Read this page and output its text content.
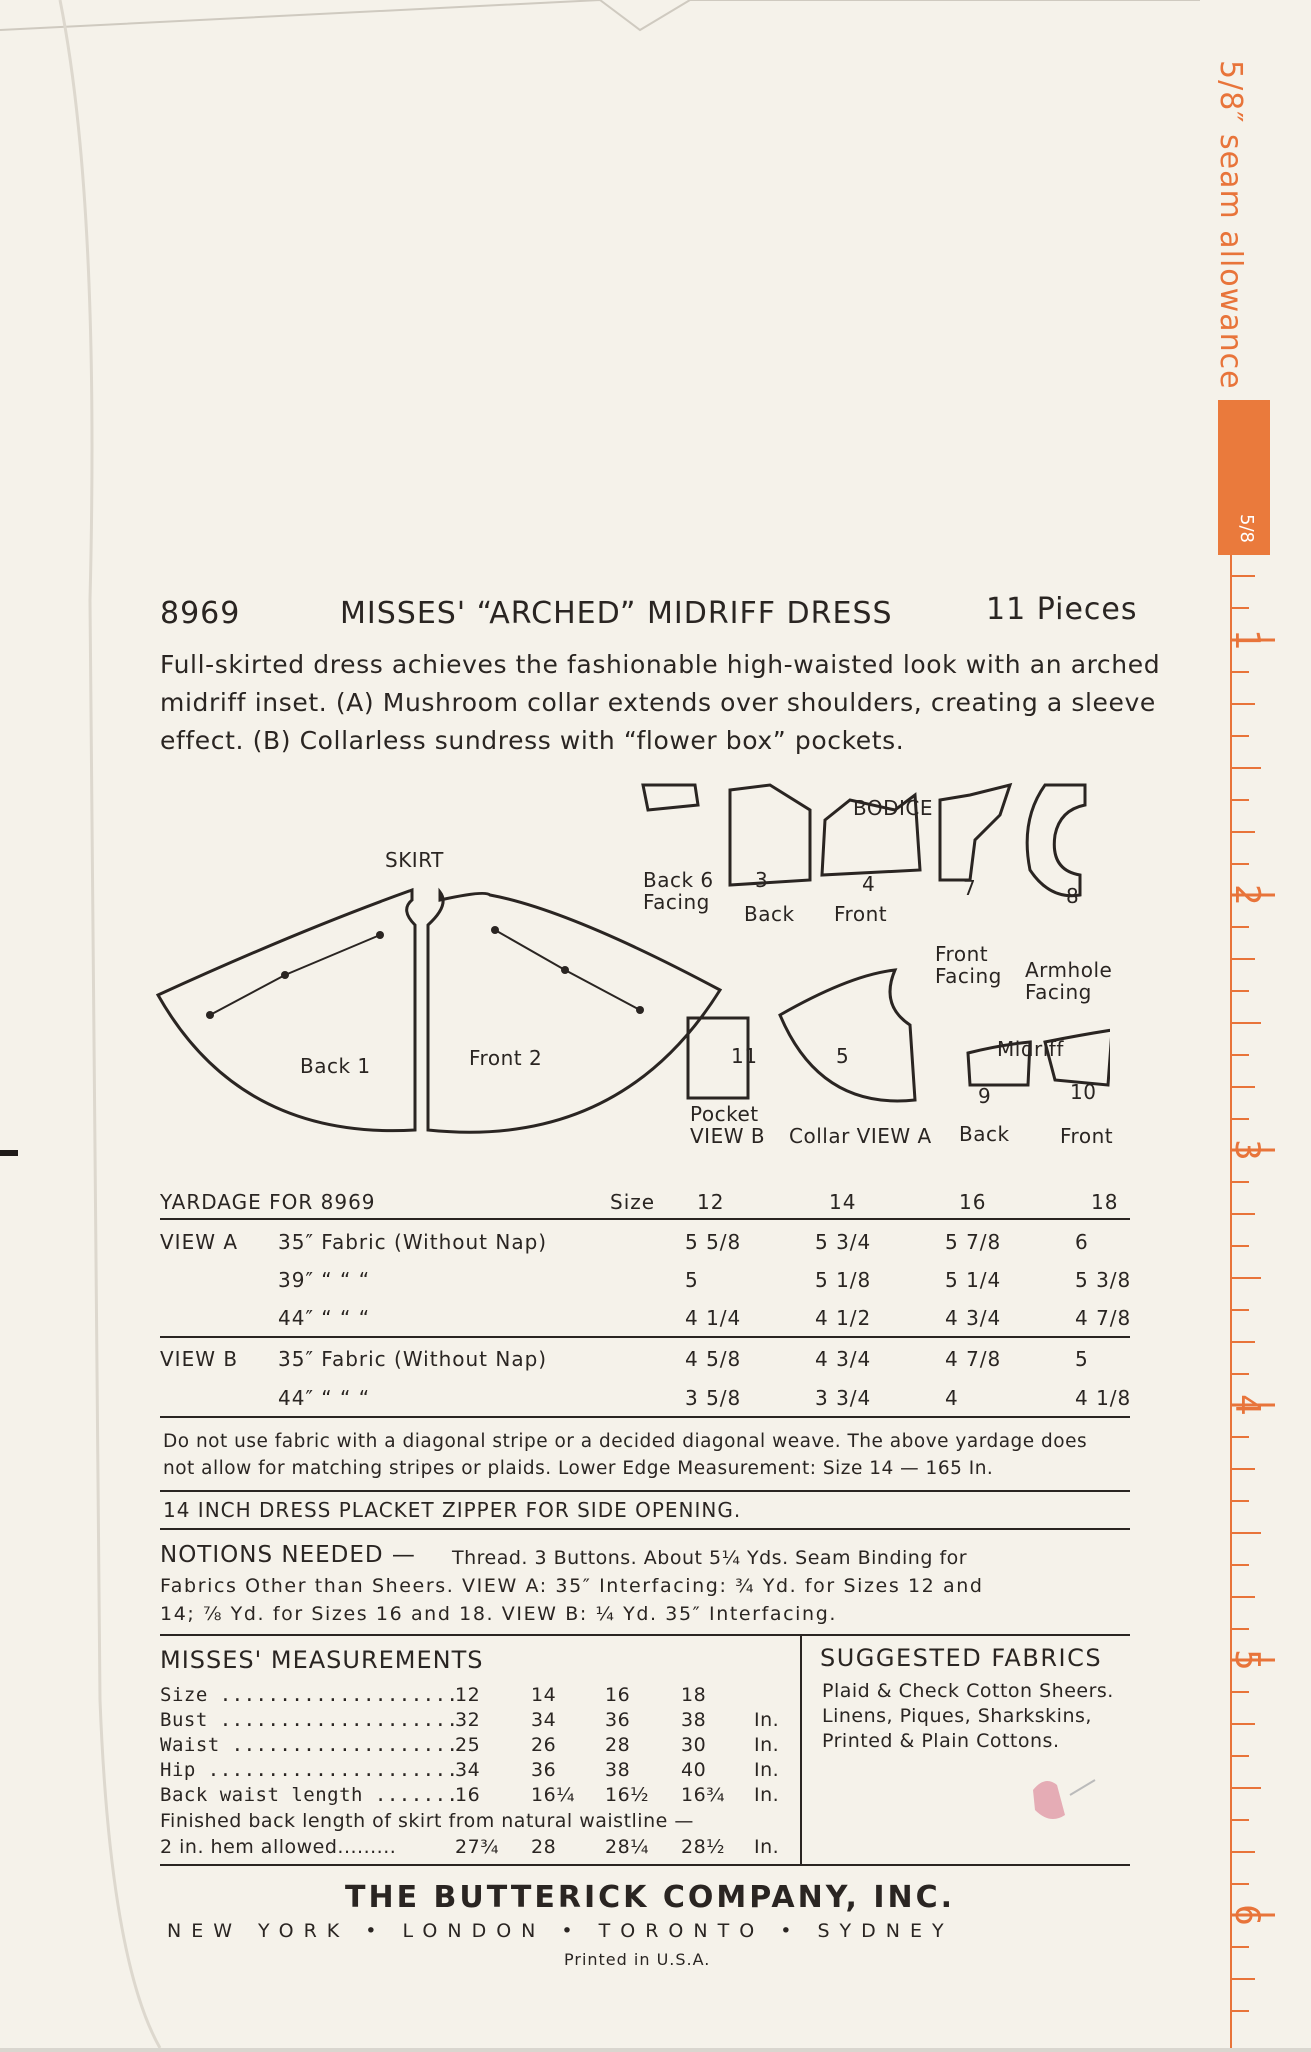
8969	MISSES' “ARCHED” MIDRIFF DRESS	11 Pieces
Full-skirted dress achieves the fashionable high-waisted look with an arched
midriff inset. (A) Mushroom collar extends over shoulders, creating a sleeve
effect. (B) Collarless sundress with “flower box” pockets.
SKIRT
BODICE
Midriff
Back 1	Front 2
Back 6
Facing
3
Back
4
Front
7
Front
Facing
8
Armhole
Facing
11
Pocket
VIEW B
5
Collar VIEW A
9
Back
10
Front
YARDAGE FOR 8969	Size 12	14	16	18
VIEW A 35″ Fabric (Without Nap)	5 5/8	5 3/4	5 7/8	6
39″ “ “ “	5	5 1/8	5 1/4	5 3/8
44″ “ “ “	4 1/4	4 1/2	4 3/4	4 7/8
VIEW B 35″ Fabric (Without Nap)	4 5/8	4 3/4	4 7/8	5
44″ “ “ “	3 5/8	3 3/4	4	4 1/8
Do not use fabric with a diagonal stripe or a decided diagonal weave. The above yardage does
not allow for matching stripes or plaids. Lower Edge Measurement: Size 14 — 165 In.
14 INCH DRESS PLACKET ZIPPER FOR SIDE OPENING.
NOTIONS NEEDED — Thread. 3 Buttons. About 5¼ Yds. Seam Binding for
Fabrics Other than Sheers. VIEW A: 35″ Interfacing: ¾ Yd. for Sizes 12 and
14; ⅞ Yd. for Sizes 16 and 18. VIEW B: ¼ Yd. 35″ Interfacing.
MISSES' MEASUREMENTS
Size ....................
12	14	16	18
Bust ....................
32	34	36	38	In.
Waist ...................
25	26	28	30	In.
Hip .....................
34	36	38	40	In.
Back waist length .......
16	16¼ 16½ 16¾ In.
Finished back length of skirt from natural waistline —
2 in. hem allowed.........	27¾ 28	28¼ 28½ In.
SUGGESTED FABRICS
Plaid & Check Cotton Sheers.
Linens, Piques, Sharkskins,
Printed & Plain Cottons.
THE BUTTERICK COMPANY, INC.
NEW YORK • LONDON • TORONTO • SYDNEY
Printed in U.S.A.
5/8″ seam allowance
5/8
1
2
3
4
5
6
